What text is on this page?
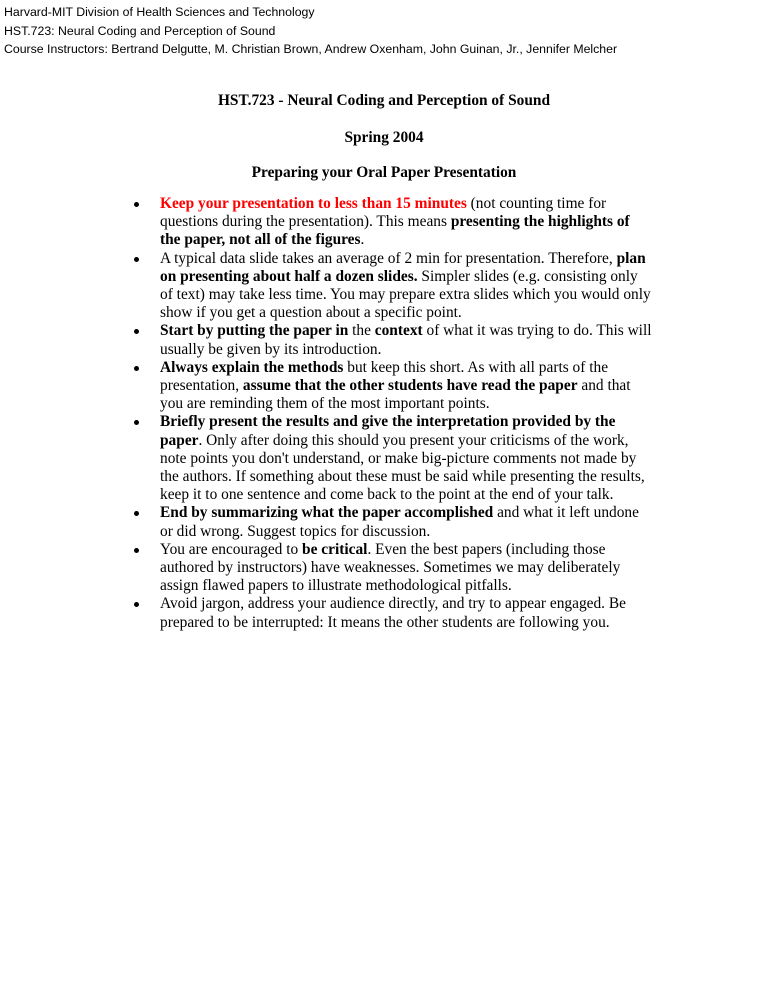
Harvard-MIT Division of Health Sciences and Technology
HST.723: Neural Coding and Perception of Sound
Course Instructors: Bertrand Delgutte, M. Christian Brown, Andrew Oxenham, John Guinan, Jr., Jennifer Melcher
HST.723 - Neural Coding and Perception of Sound
Spring 2004
Preparing your Oral Paper Presentation
Keep your presentation to less than 15 minutes (not counting time for questions during the presentation). This means presenting the highlights of the paper, not all of the figures.
A typical data slide takes an average of 2 min for presentation. Therefore, plan on presenting about half a dozen slides. Simpler slides (e.g. consisting only of text) may take less time. You may prepare extra slides which you would only show if you get a question about a specific point.
Start by putting the paper in the context of what it was trying to do. This will usually be given by its introduction.
Always explain the methods but keep this short. As with all parts of the presentation, assume that the other students have read the paper and that you are reminding them of the most important points.
Briefly present the results and give the interpretation provided by the paper. Only after doing this should you present your criticisms of the work, note points you don't understand, or make big-picture comments not made by the authors. If something about these must be said while presenting the results, keep it to one sentence and come back to the point at the end of your talk.
End by summarizing what the paper accomplished and what it left undone or did wrong. Suggest topics for discussion.
You are encouraged to be critical. Even the best papers (including those authored by instructors) have weaknesses. Sometimes we may deliberately assign flawed papers to illustrate methodological pitfalls.
Avoid jargon, address your audience directly, and try to appear engaged. Be prepared to be interrupted: It means the other students are following you.
